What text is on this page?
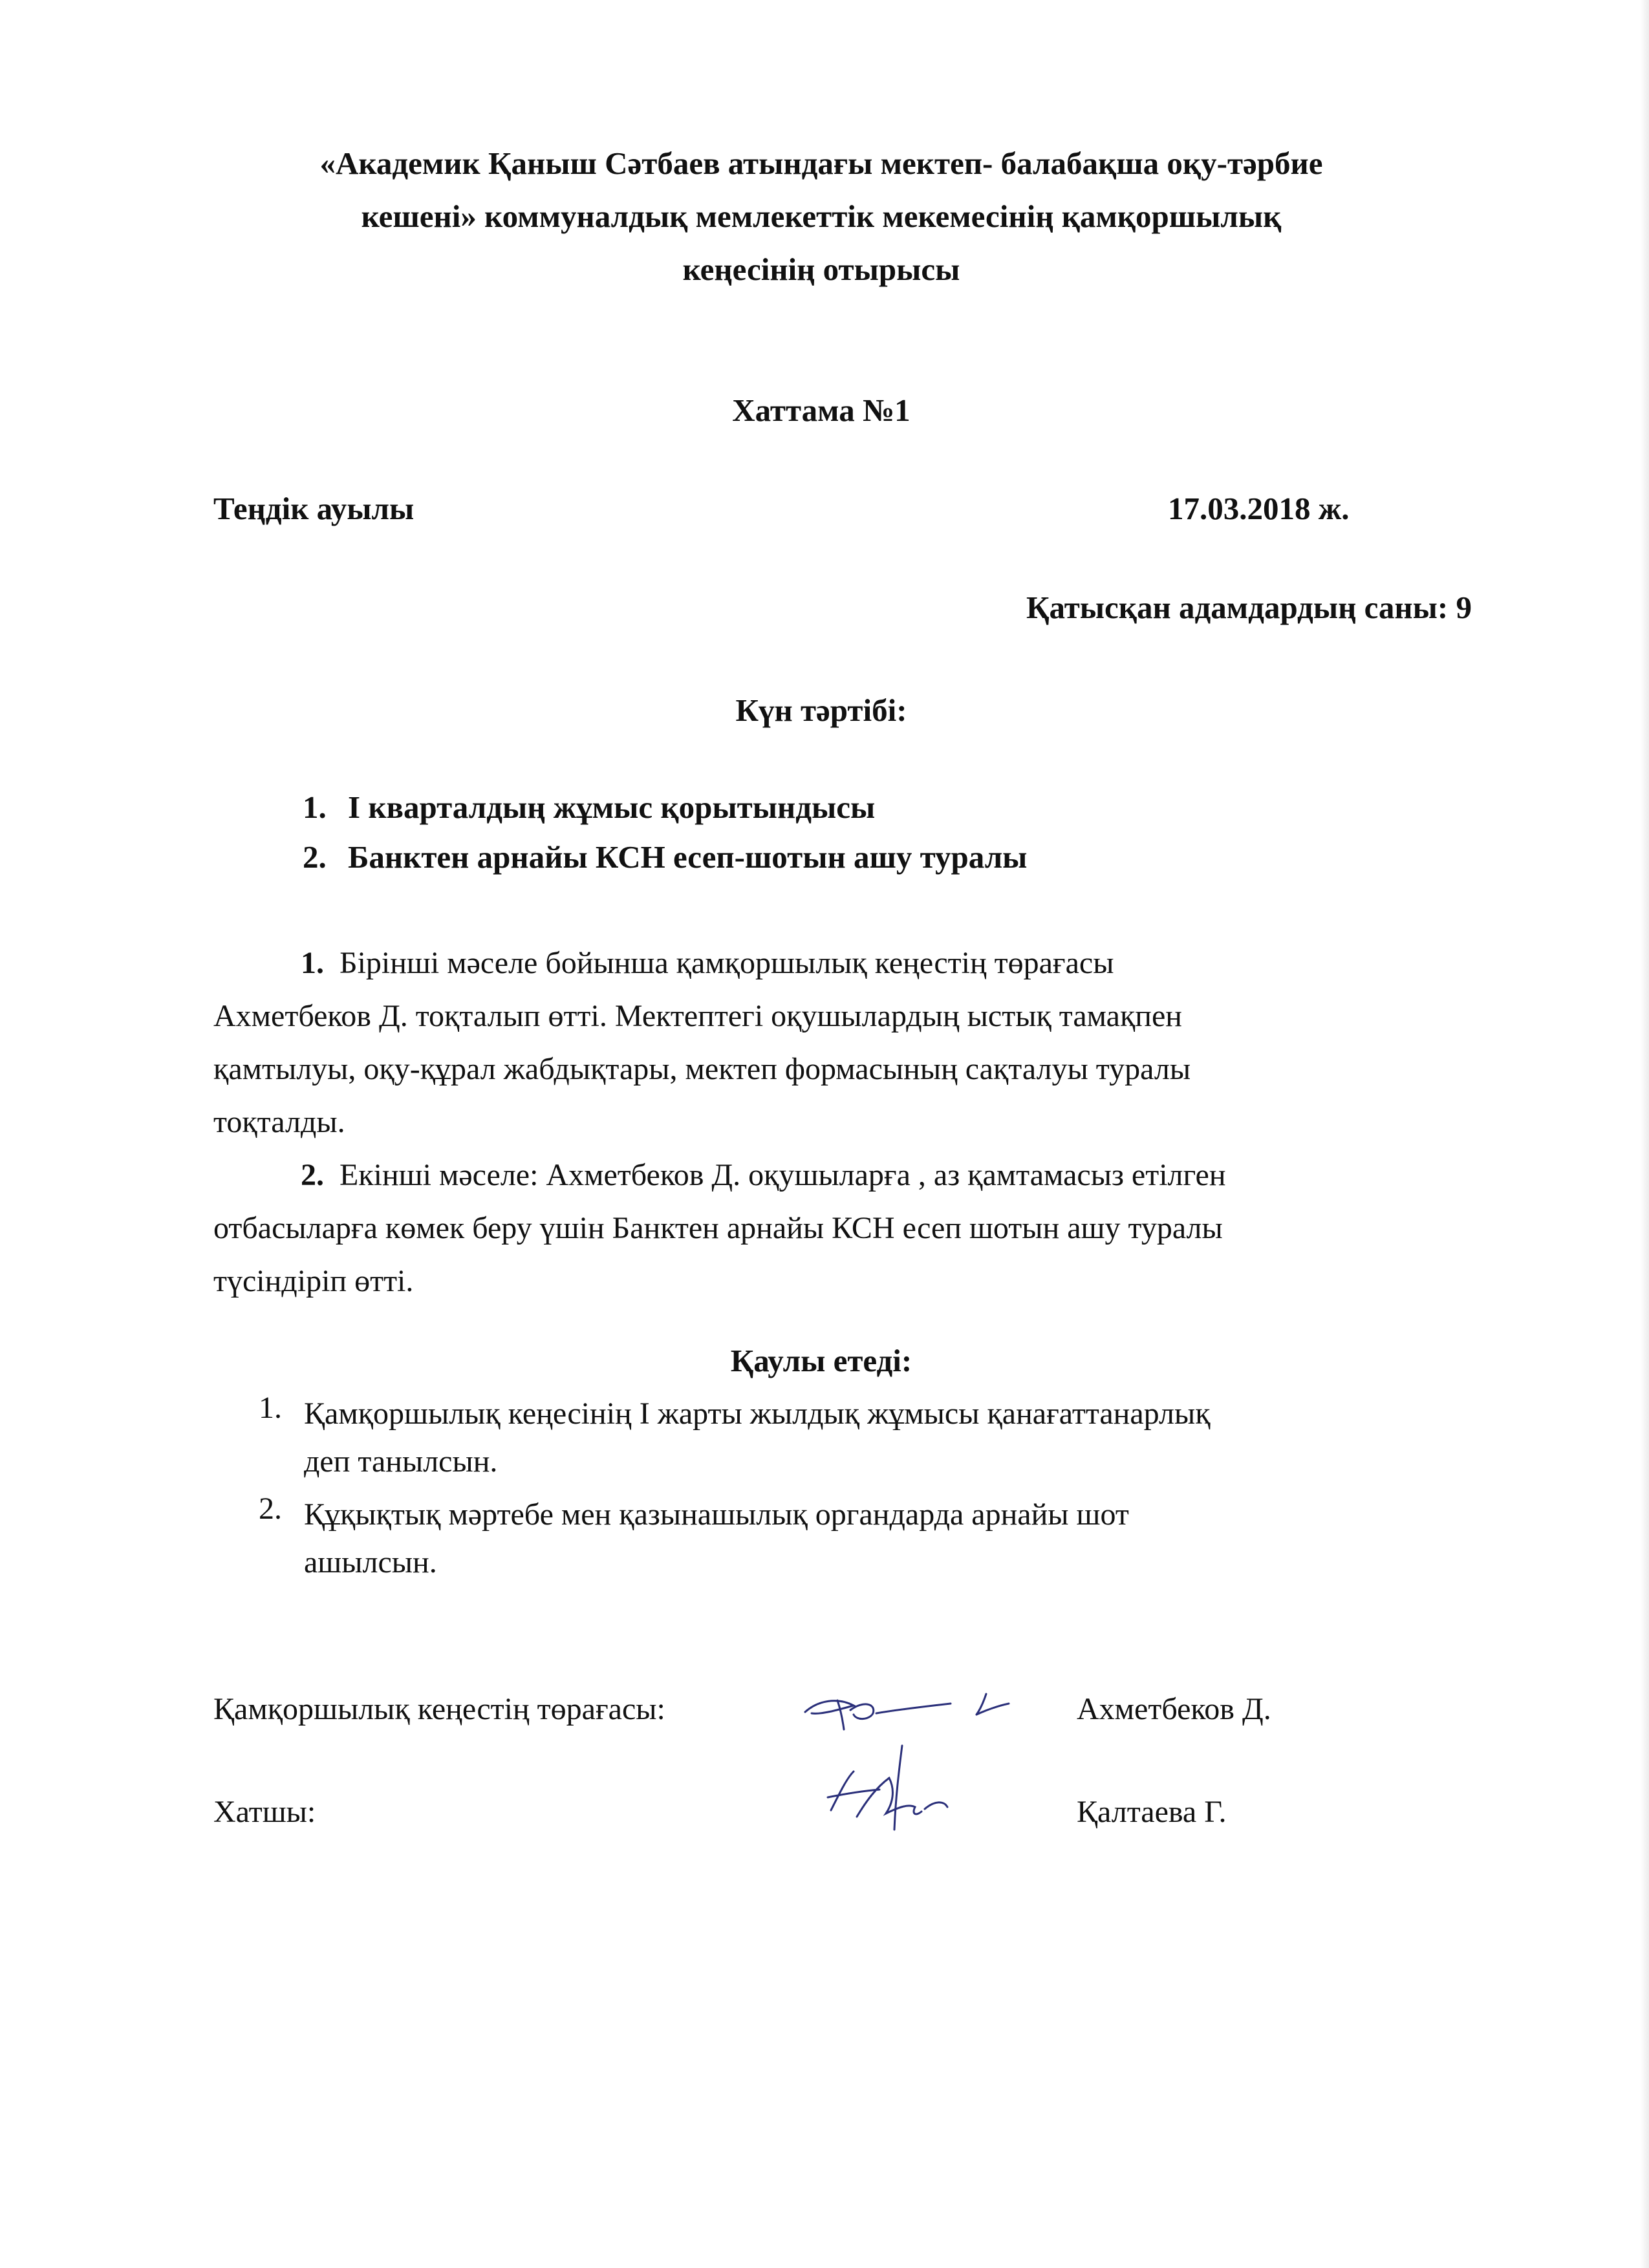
«Академик Қаныш Сәтбаев атындағы мектеп- балабақша оқу-тәрбие
кешені» коммуналдық мемлекеттік мекемесінің қамқоршылық
кеңесінің отырысы
Хаттама №1
Теңдік ауылы	17.03.2018 ж.
Қатысқан адамдардың саны: 9
Күн тәртібі:
1. І кварталдың жұмыс қорытындысы
2. Банктен арнайы КСН есеп-шотын ашу туралы
1. Бірінші мәселе бойынша қамқоршылық кеңестің төрағасы
Ахметбеков Д. тоқталып өтті. Мектептегі оқушылардың ыстық тамақпен
қамтылуы, оқу-құрал жабдықтары, мектеп формасының сақталуы туралы
тоқталды.
2. Екінші мәселе: Ахметбеков Д. оқушыларға , аз қамтамасыз етілген
отбасыларға көмек беру үшін Банктен арнайы КСН есеп шотын ашу туралы
түсіндіріп өтті.
Қаулы етеді:
1. Қамқоршылық кеңесінің І жарты жылдық жұмысы қанағаттанарлық
деп танылсын.
2. Құқықтық мәртебе мен қазынашылық органдарда арнайы шот
ашылсын.
Қамқоршылық кеңестің төрағасы:	Ахметбеков Д.
Хатшы:	Қалтаева Г.
